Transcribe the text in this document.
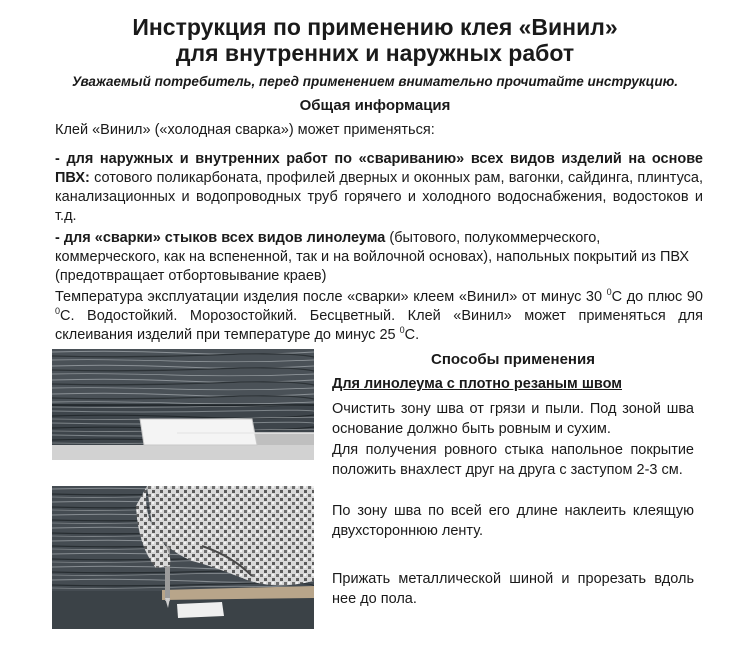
Инструкция по применению клея «Винил»
для внутренних и наружных работ
Уважаемый потребитель, перед применением внимательно прочитайте инструкцию.
Общая информация
Клей «Винил» («холодная сварка») может применяться:
- для наружных и внутренних работ по «свариванию» всех видов изделий на основе ПВХ: сотового поликарбоната, профилей дверных и оконных рам, вагонки, сайдинга, плинтуса, канализационных и водопроводных труб горячего и холодного водоснабжения, водостоков и т.д.
- для «сварки» стыков всех видов линолеума (бытового, полукоммерческого, коммерческого, как на вспененной, так и на войлочной основах), напольных покрытий из ПВХ (предотвращает отбортовывание краев)
Температура эксплуатации изделия после «сварки» клеем «Винил» от минус 30 $^0$С до плюс 90 $^0$С. Водостойкий. Морозостойкий. Бесцветный. Клей «Винил» может применяться для склеивания изделий при температуре до минус 25 $^0$С.
Способы применения
Для линолеума с плотно резаным швом
Очистить зону шва от грязи и пыли. Под зоной шва основание должно быть ровным и сухим.
Для получения ровного стыка напольное покрытие положить внахлест друг на друга с заступом 2-3 см.
По зону шва по всей его длине наклеить клеящую двухстороннюю ленту.
Прижать металлической шиной и прорезать вдоль нее до пола.
